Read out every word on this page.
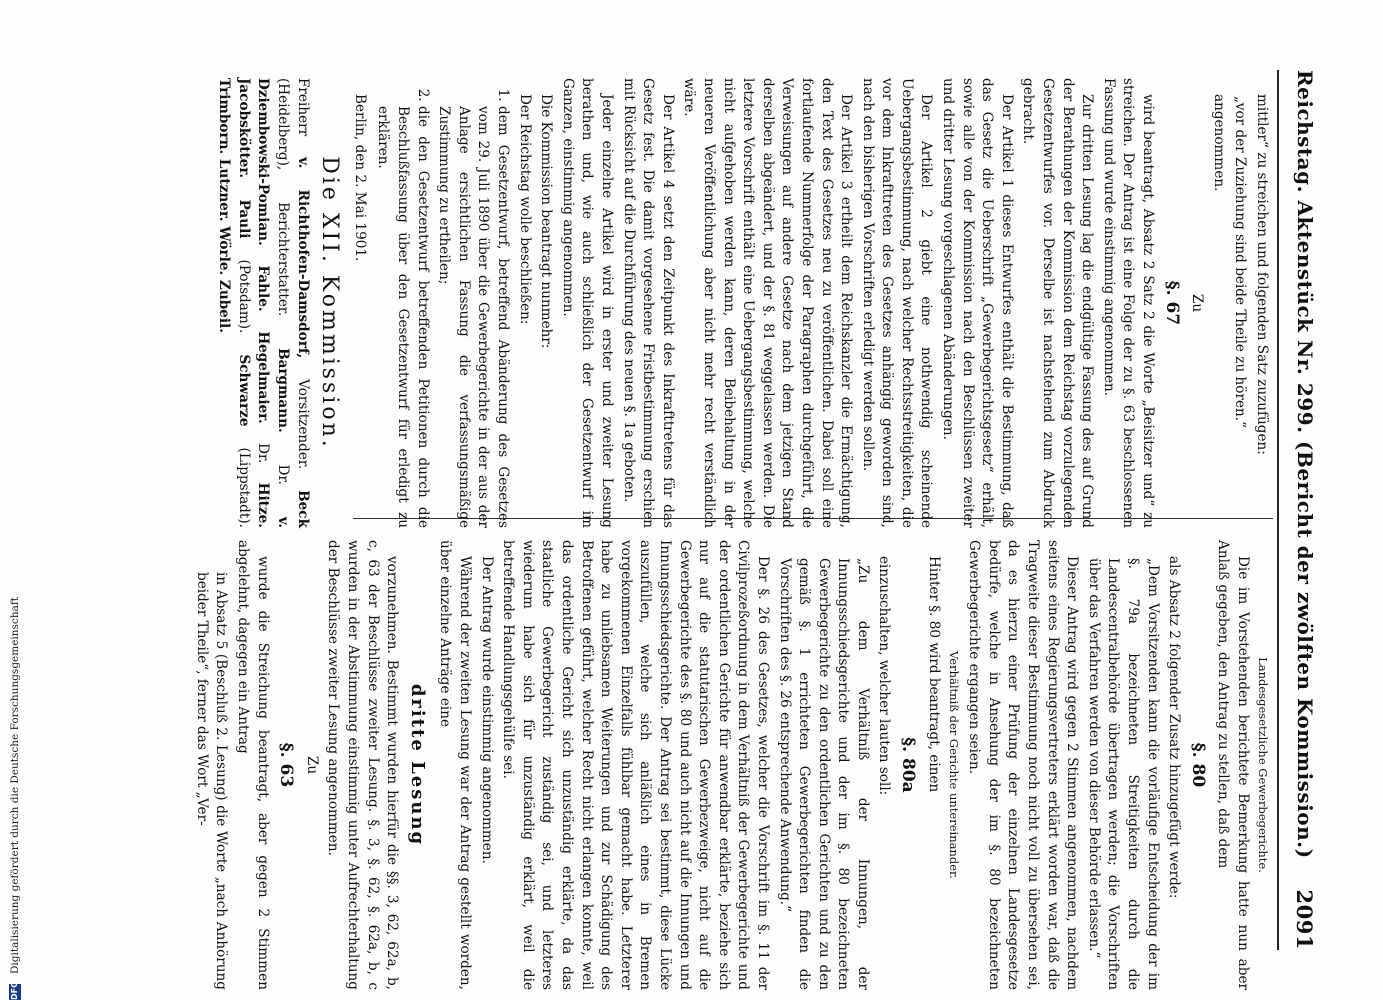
Reichstag. Aktenstück Nr. 299. (Bericht der zwölften Kommission.)
2091

mittler“ zu streichen und folgenden Satz zuzufügen:

„vor der Zuziehung sind beide Theile zu hören.“

angenommen.

Zu

§. 67

wird beantragt, Absatz 2 Satz 2 die Worte „Beisitzer und“ zu streichen. Der Antrag ist eine Folge der zu §. 63 beschlossenen Fassung und wurde einstimmig angenommen.

Zur dritten Lesung lag die endgültige Fassung des auf Grund der Berathungen der Kommission dem Reichstag vorzulegenden Gesetzentwurfes vor. Derselbe ist nachstehend zum Abdruck gebracht.

Der Artikel 1 dieses Entwurfes enthält die Bestimmung, daß das Gesetz die Ueberschrift „Gewerbegerichtsgesetz“ erhält, sowie alle von der Kommission nach den Beschlüssen zweiter und dritter Lesung vorgeschlagenen Abänderungen.

Der Artikel 2 giebt eine nothwendig scheinende Uebergangsbestimmung, nach welcher Rechtsstreitigkeiten, die vor dem Inkrafttreten des Gesetzes anhängig geworden sind, nach den bisherigen Vorschriften erledigt werden sollen.

Der Artikel 3 ertheilt dem Reichskanzler die Ermächtigung, den Text des Gesetzes neu zu veröffentlichen. Dabei soll eine fortlaufende Nummerfolge der Paragraphen durchgeführt, die Verweisungen auf andere Gesetze nach dem jetzigen Stand derselben abgeändert, und der §. 81 weggelassen werden. Die letztere Vorschrift enthält eine Uebergangsbestimmung, welche nicht aufgehoben werden kann, deren Beibehaltung in der neueren Veröffentlichung aber nicht mehr recht verständlich wäre.

Der Artikel 4 setzt den Zeitpunkt des Inkrafttretens für das Gesetz fest. Die damit vorgesehene Fristbestimmung erschien mit Rücksicht auf die Durchführung des neuen §. 1a geboten.

Jeder einzelne Artikel wird in erster und zweiter Lesung berathen und, wie auch schließlich der Gesetzentwurf im Ganzen, einstimmig angenommen.

Die Kommission beantragt nunmehr:

Der Reichstag wolle beschließen:

1. dem Gesetzentwurf, betreffend Abänderung des Gesetzes vom 29. Juli 1890 über die Gewerbegerichte in der aus der Anlage ersichtlichen Fassung die verfassungsmäßige Zustimmung zu ertheilen;
2. die den Gesetzentwurf betreffenden Petitionen durch die Beschlußfassung über den Gesetzentwurf für erledigt zu erklären.

Berlin, den 2. Mai 1901.

Die XII. Kommission.

Freiherr v. Richthofen-Damsdorf, Vorsitzender. Beck (Heidelberg), Berichterstatter. Bargmann. Dr. v. Dziembowski-Pomian. Fahle. Hegelmaier. Dr. Hitze. Jacobskötter. Pauli (Potsdam). Schwarze (Lippstadt). Trimborn. Lutzner. Wörle. Zubeil.

Landesgesetzliche Gewerbegerichte.

Die im Vorstehenden berichtete Bemerkung hatte nun aber Anlaß gegeben, den Antrag zu stellen, daß dem

§. 80

als Absatz 2 folgender Zusatz hinzugefügt werde:

„Dem Vorsitzenden kann die vorläufige Entscheidung der im §. 79a bezeichneten Streitigkeiten durch die Landescentralbehörde übertragen werden; die Vorschriften über das Verfahren werden von dieser Behörde erlassen.“

Dieser Antrag wird gegen 2 Stimmen angenommen, nachdem seitens eines Regierungsvertreters erklärt worden war, daß die Tragweite dieser Bestimmung noch nicht voll zu übersehen sei, da es hierzu einer Prüfung der einzelnen Landesgesetze bedürfe, welche in Ansehung der im §. 80 bezeichneten Gewerbegerichte ergangen seien.

Verhältniß der Gerichte untereinander.

Hinter §. 80 wird beantragt, einen

§. 80a

einzuschalten, welcher lauten soll:

„Zu dem Verhältniß der Innungen, der Innungsschiedsgerichte und der im §. 80 bezeichneten Gewerbegerichte zu den ordentlichen Gerichten und zu den gemäß §. 1 errichteten Gewerbegerichten finden die Vorschriften des §. 26 entsprechende Anwendung.“

Der §. 26 des Gesetzes, welcher die Vorschrift im §. 11 der Civilprozeßordnung in dem Verhältniß der Gewerbegerichte und der ordentlichen Gerichte für anwendbar erklärte, beziehe sich nur auf die statutarischen Gewerbezweige, nicht auf die Gewerbegerichte des §. 80 und auch nicht auf die Innungen und Innungsschiedsgerichte. Der Antrag sei bestimmt, diese Lücke auszufüllen, welche sich anläßlich eines in Bremen vorgekommenen Einzelfalls fühlbar gemacht habe. Letzterer habe zu unliebsamen Weiterungen und zur Schädigung des Betroffenen geführt, welcher Recht nicht erlangen konnte, weil das ordentliche Gericht sich unzuständig erklärte, da das staatliche Gewerbegericht zuständig sei, und letzteres wiederum habe sich für unzuständig erklärt, weil die betreffende Handlungsgehülfe sei.

Der Antrag wurde einstimmig angenommen.

Während der zweiten Lesung war der Antrag gestellt worden, über einzelne Anträge eine

dritte Lesung

vorzunehmen. Bestimmt wurden hierfür die §§. 3, 62, 62a, b, c, 63 der Beschlüsse zweiter Lesung. §. 3, §. 62, §. 62a, b, c wurden in der Abstimmung einstimmig unter Aufrechterhaltung der Beschlüsse zweiter Lesung angenommen.

Zu

§. 63

wurde die Streichung beantragt, aber gegen 2 Stimmen abgelehnt, dagegen ein Antrag

in Absatz 5 (Beschluß 2. Lesung) die Worte „nach Anhörung beider Theile“, ferner das Wort „Ver-

DFG
Digitalisierung gefördert durch die Deutsche Forschungsgemeinschaft
